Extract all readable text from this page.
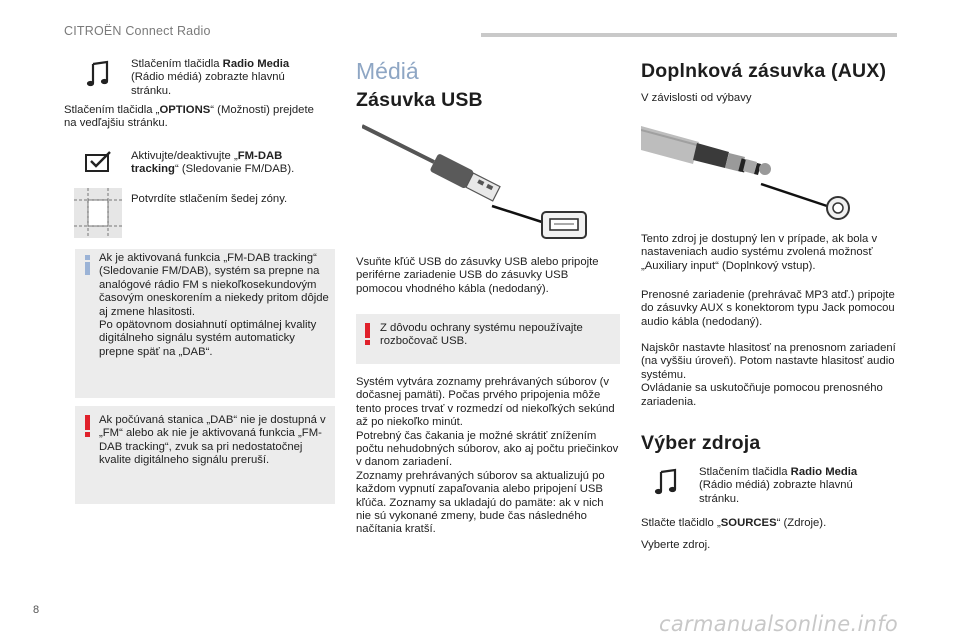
CITROËN Connect Radio
Stlačením tlačidla Radio Media (Rádio médiá) zobrazte hlavnú stránku.
Stlačením tlačidla „OPTIONS“ (Možnosti) prejdete na vedľajšiu stránku.
Aktivujte/deaktivujte „FM-DAB tracking“ (Sledovanie FM/DAB).
Potvrdíte stlačením šedej zóny.
Ak je aktivovaná funkcia „FM-DAB tracking“ (Sledovanie FM/DAB), systém sa prepne na analógové rádio FM s niekoľkosekundovým časovým oneskorením a niekedy pritom dôjde aj zmene hlasitosti.
Po opätovnom dosiahnutí optimálnej kvality digitálneho signálu systém automaticky prepne späť na „DAB“.
Ak počúvaná stanica „DAB“ nie je dostupná v „FM“ alebo ak nie je aktivovaná funkcia „FM-DAB tracking“, zvuk sa pri nedostatočnej kvalite digitálneho signálu preruší.
Médiá
Zásuvka USB
Vsuňte kľúč USB do zásuvky USB alebo pripojte periférne zariadenie USB do zásuvky USB pomocou vhodného kábla (nedodaný).
Z dôvodu ochrany systému nepoužívajte rozbočovač USB.
Systém vytvára zoznamy prehrávaných súborov (v dočasnej pamäti). Počas prvého pripojenia môže tento proces trvať v rozmedzí od niekoľkých sekúnd až po niekoľko minút.
Potrebný čas čakania je možné skrátiť znížením počtu nehudobných súborov, ako aj počtu priečinkov v danom zariadení.
Zoznamy prehrávaných súborov sa aktualizujú po každom vypnutí zapaľovania alebo pripojení USB kľúča. Zoznamy sa ukladajú do pamäte: ak v nich nie sú vykonané zmeny, bude čas následného načítania kratší.
Doplnková zásuvka (AUX)
V závislosti od výbavy
Tento zdroj je dostupný len v prípade, ak bola v nastaveniach audio systému zvolená možnosť „Auxiliary input“ (Doplnkový vstup).
Prenosné zariadenie (prehrávač MP3 atď.) pripojte do zásuvky AUX s konektorom typu Jack pomocou audio kábla (nedodaný).
Najskôr nastavte hlasitosť na prenosnom zariadení (na vyššiu úroveň). Potom nastavte hlasitosť audio systému.
Ovládanie sa uskutočňuje pomocou prenosného zariadenia.
Výber zdroja
Stlačením tlačidla Radio Media (Rádio médiá) zobrazte hlavnú stránku.
Stlačte tlačidlo „SOURCES“ (Zdroje).
Vyberte zdroj.
8
carmanualsonline.info
